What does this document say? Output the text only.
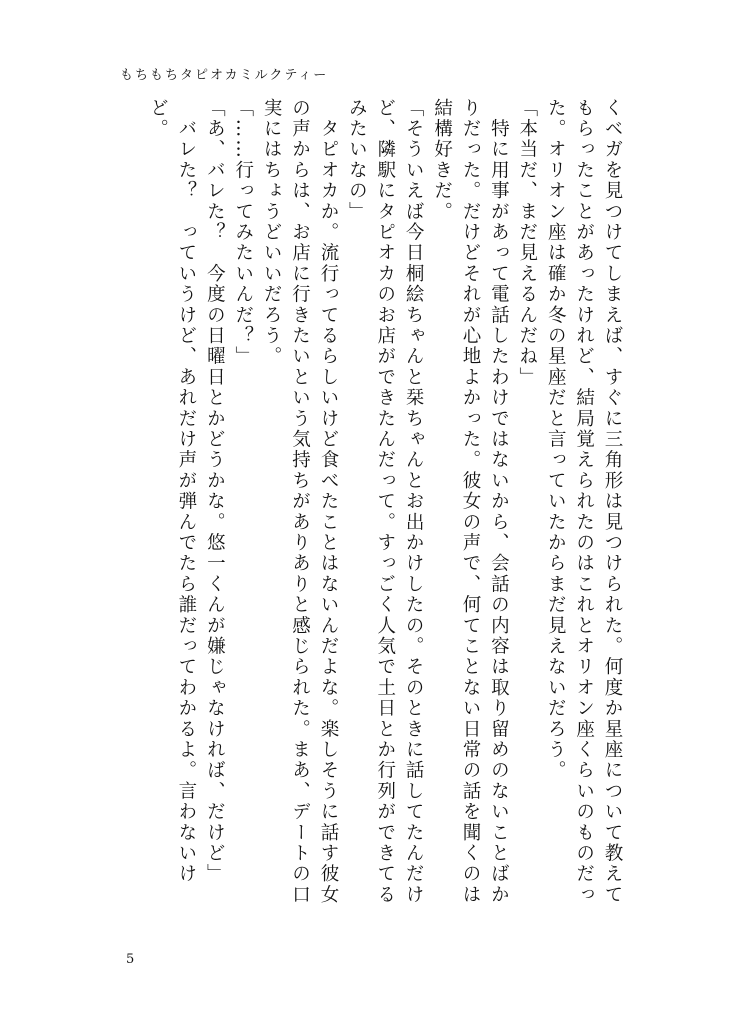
もちもちタピオカミルクティー

くベガを見つけてしまえば、すぐに三角形は見つけられた。何度か星座について教えてもらったことがあったけれど、結局覚えられたのはこれとオリオン座くらいのものだった。オリオン座は確か冬の星座だと言っていたからまだ見えないだろう。

「本当だ、まだ見えるんだね」

　特に用事があって電話したわけではないから、会話の内容は取り留めのないことばかりだった。だけどそれが心地よかった。彼女の声で、何てことない日常の話を聞くのは結構好きだ。

「そういえば今日桐絵ちゃんと栞ちゃんとお出かけしたの。そのときに話してたんだけど、隣駅にタピオカのお店ができたんだって。すっごく人気で土日とか行列ができてるみたいなの」

　タピオカか。流行ってるらしいけど食べたことはないんだよな。楽しそうに話す彼女の声からは、お店に行きたいという気持ちがありありと感じられた。まあ、デートの口実にはちょうどいいだろう。

「……行ってみたいんだ？」

「あ、バレた？　今度の日曜日とかどうかな。悠一くんが嫌じゃなければ、だけど」

　バレた？　っていうけど、あれだけ声が弾んでたら誰だってわかるよ。言わないけど。

5
